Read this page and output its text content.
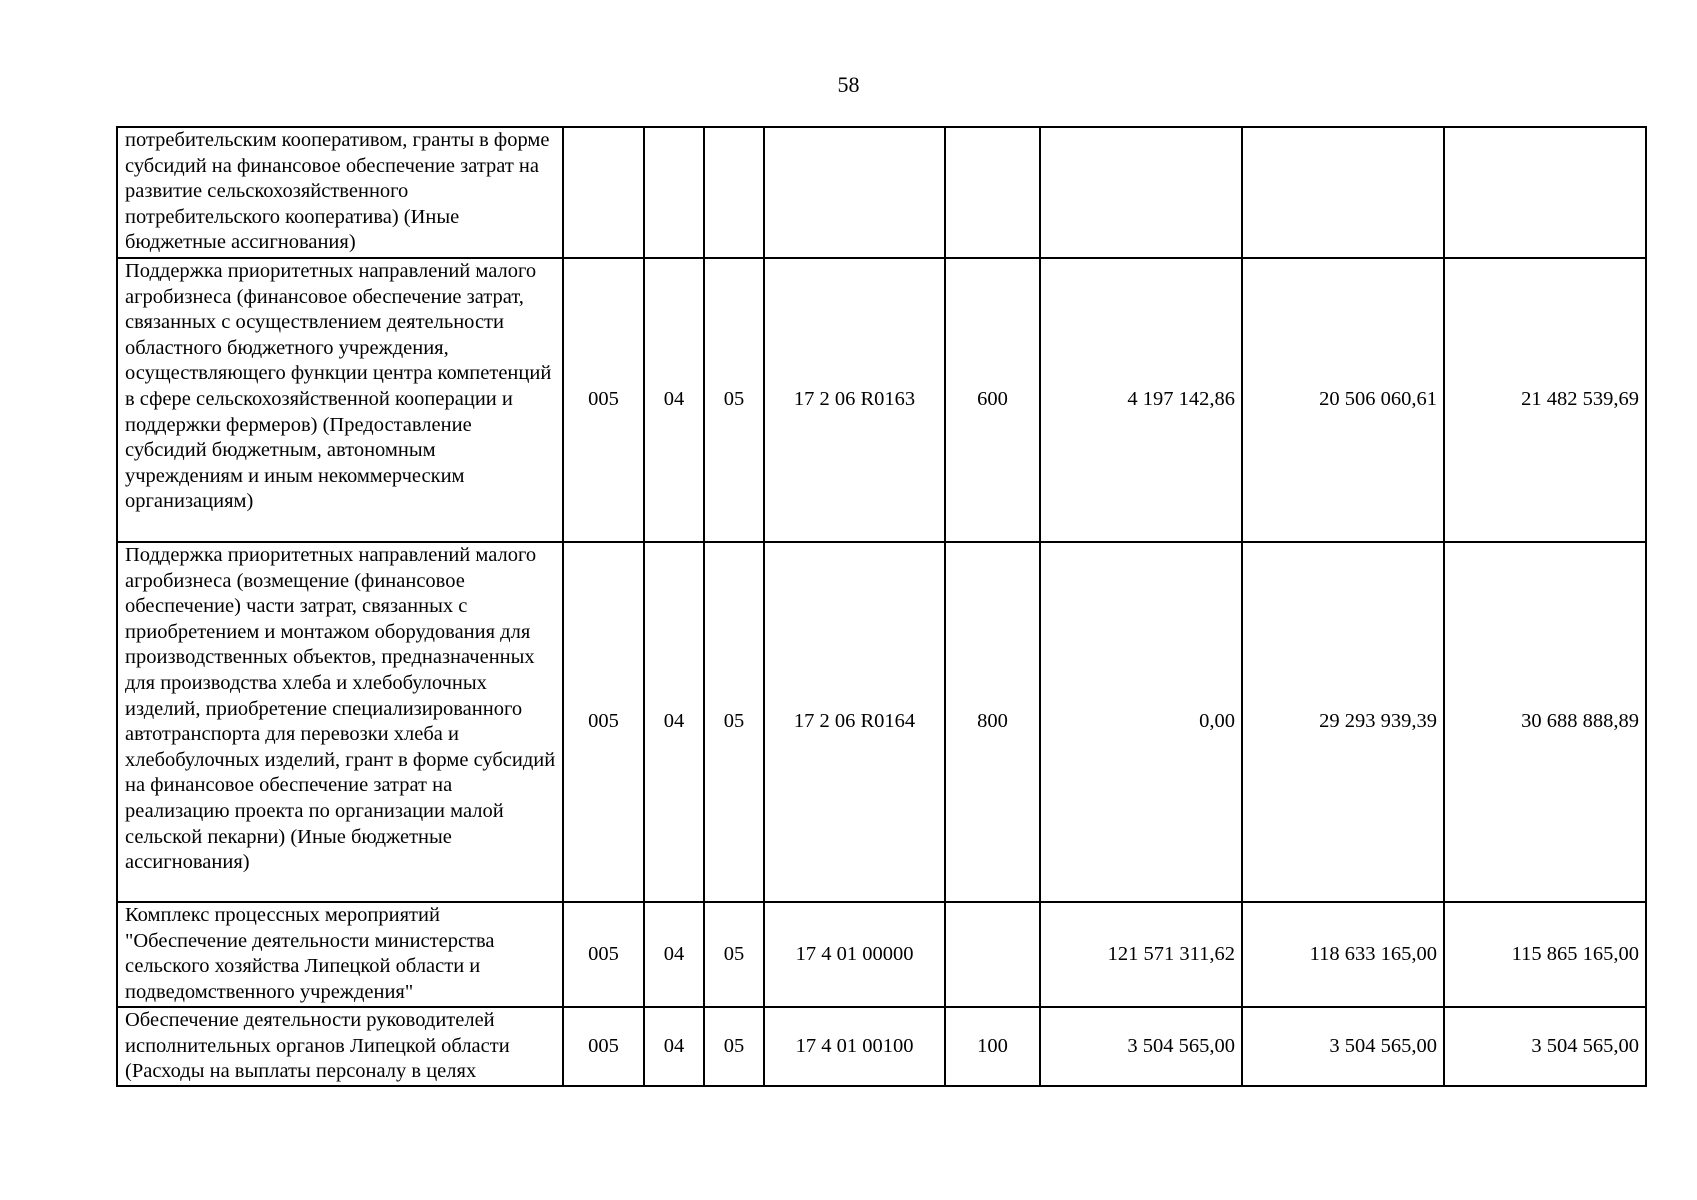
58
потребительским кооперативом, гранты в форме субсидий на финансовое обеспечение затрат на развитие сельскохозяйственного потребительского кооператива) (Иные бюджетные ассигнования)								
Поддержка приоритетных направлений малого агробизнеса (финансовое обеспечение затрат, связанных с осуществлением деятельности областного бюджетного учреждения, осуществляющего функции центра компетенций в сфере сельскохозяйственной кооперации и поддержки фермеров) (Предоставление субсидий бюджетным, автономным учреждениям и иным некоммерческим организациям)	005	04	05	17 2 06 R0163	600	4 197 142,86	20 506 060,61	21 482 539,69
Поддержка приоритетных направлений малого агробизнеса (возмещение (финансовое обеспечение) части затрат, связанных с приобретением и монтажом оборудования для производственных объектов, предназначенных для производства хлеба и хлебобулочных изделий, приобретение специализированного автотранспорта для перевозки хлеба и хлебобулочных изделий, грант в форме субсидий на финансовое обеспечение затрат на реализацию проекта по организации малой сельской пекарни) (Иные бюджетные ассигнования)	005	04	05	17 2 06 R0164	800	0,00	29 293 939,39	30 688 888,89
Комплекс процессных мероприятий "Обеспечение деятельности министерства сельского хозяйства Липецкой области и подведомственного учреждения"	005	04	05	17 4 01 00000		121 571 311,62	118 633 165,00	115 865 165,00
Обеспечение деятельности руководителей исполнительных органов Липецкой области (Расходы на выплаты персоналу в целях	005	04	05	17 4 01 00100	100	3 504 565,00	3 504 565,00	3 504 565,00
